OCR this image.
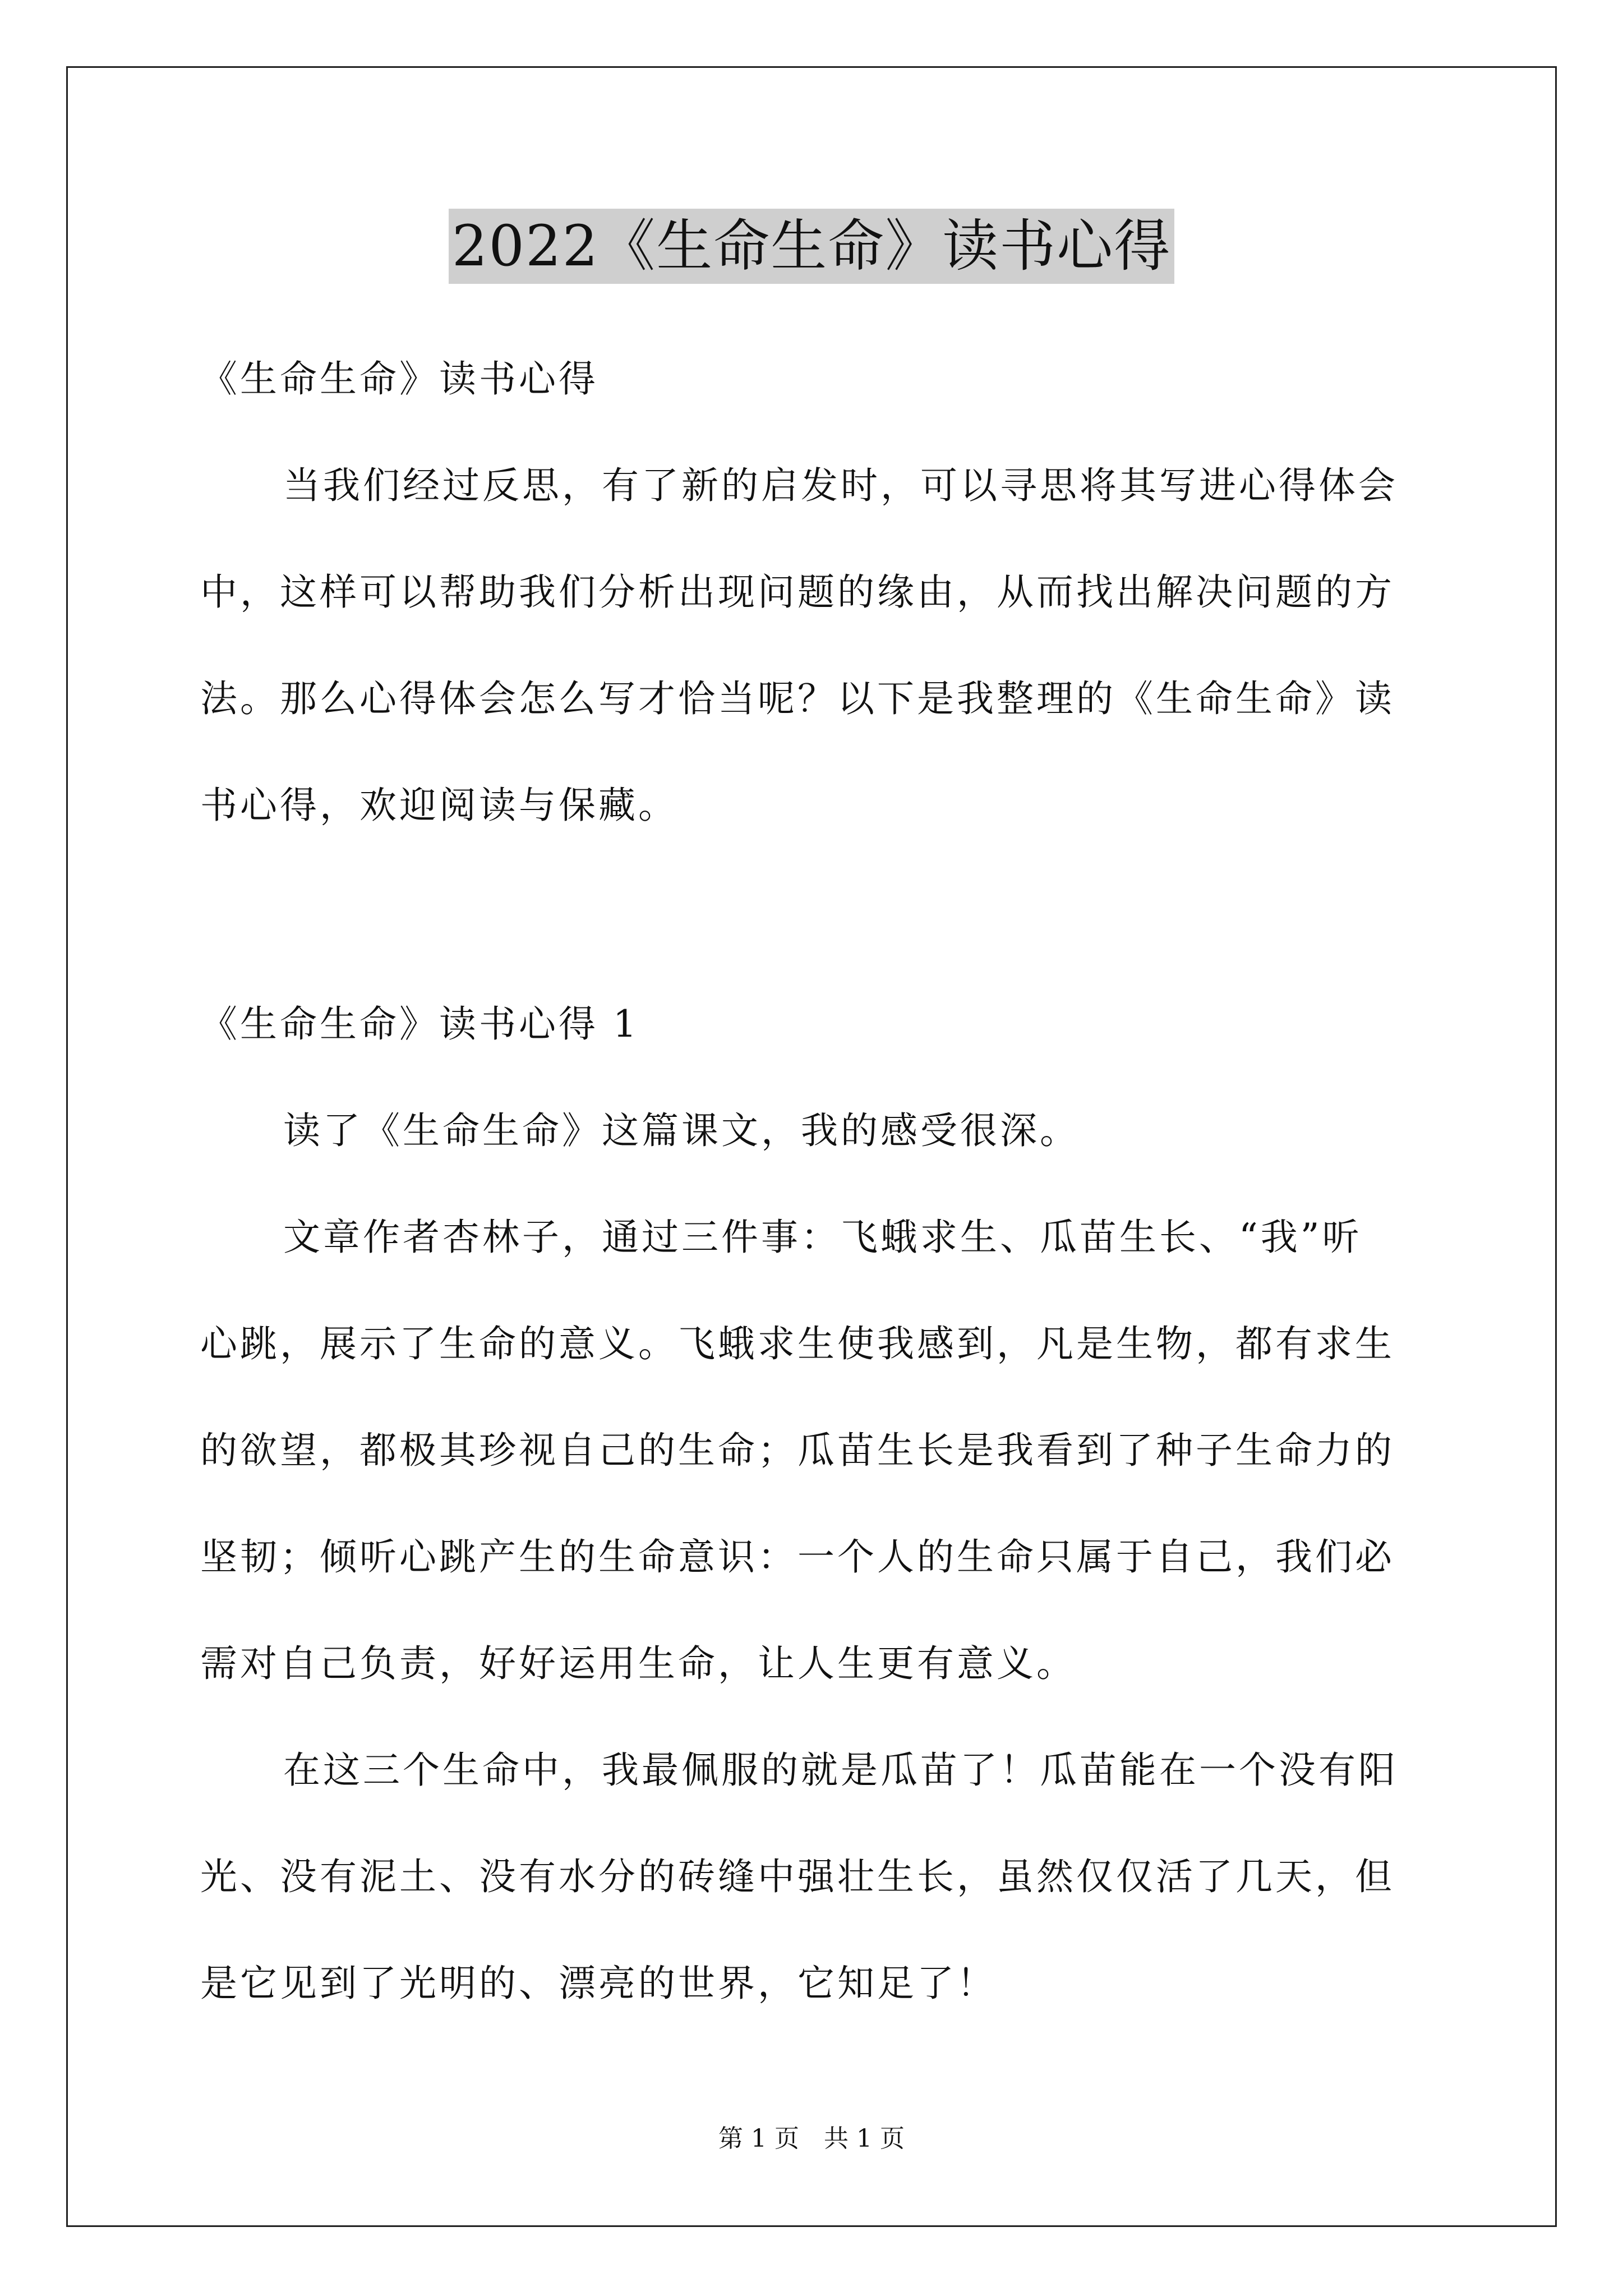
2022《生命生命》读书心得
《生命生命》读书心得
当我们经过反思，有了新的启发时，可以寻思将其写进心得体会
中，这样可以帮助我们分析出现问题的缘由，从而找出解决问题的方
法。那么心得体会怎么写才恰当呢？以下是我整理的《生命生命》读
书心得，欢迎阅读与保藏。
《生命生命》读书心得 1
读了《生命生命》这篇课文，我的感受很深。
文章作者杏林子，通过三件事：飞蛾求生、瓜苗生长、“我”听
心跳，展示了生命的意义。飞蛾求生使我感到，凡是生物，都有求生
的欲望，都极其珍视自己的生命；瓜苗生长是我看到了种子生命力的
坚韧；倾听心跳产生的生命意识：一个人的生命只属于自己，我们必
需对自己负责，好好运用生命，让人生更有意义。
在这三个生命中，我最佩服的就是瓜苗了！瓜苗能在一个没有阳
光、没有泥土、没有水分的砖缝中强壮生长，虽然仅仅活了几天，但
是它见到了光明的、漂亮的世界，它知足了！
第 1 页　共 1 页
